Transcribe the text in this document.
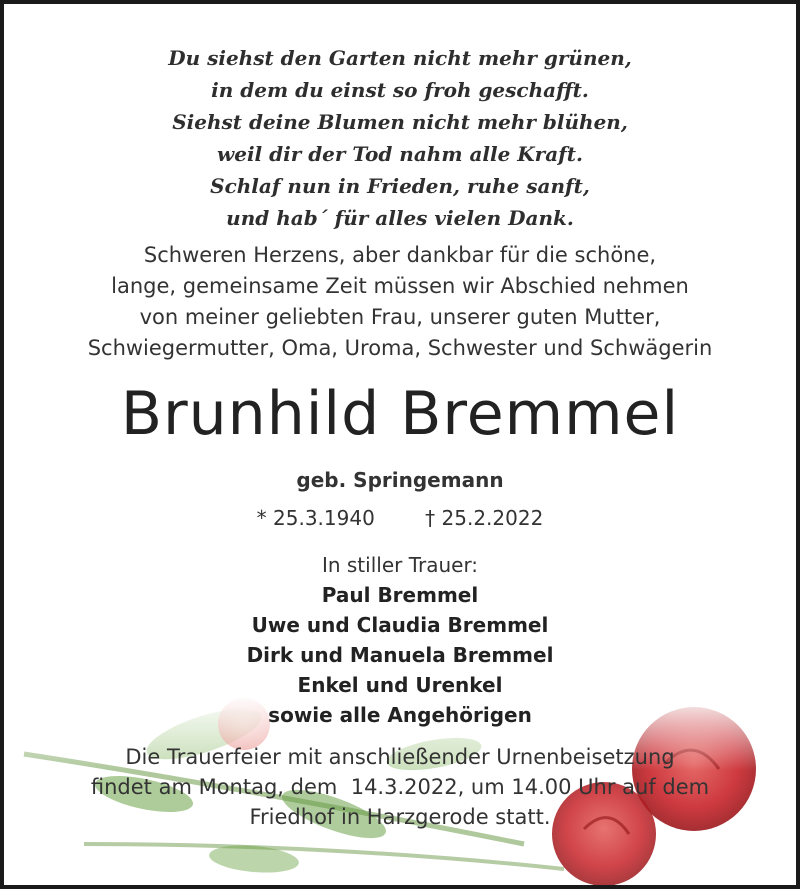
Du siehst den Garten nicht mehr grünen,
in dem du einst so froh geschafft.
Siehst deine Blumen nicht mehr blühen,
weil dir der Tod nahm alle Kraft.
Schlaf nun in Frieden, ruhe sanft,
und hab´ für alles vielen Dank.
Schweren Herzens, aber dankbar für die schöne,
lange, gemeinsame Zeit müssen wir Abschied nehmen
von meiner geliebten Frau, unserer guten Mutter,
Schwiegermutter, Oma, Uroma, Schwester und Schwägerin
Brunhild Bremmel
geb. Springemann
* 25.3.1940	† 25.2.2022
In stiller Trauer:
Paul Bremmel
Uwe und Claudia Bremmel
Dirk und Manuela Bremmel
Enkel und Urenkel
sowie alle Angehörigen
Die Trauerfeier mit anschließender Urnenbeisetzung
findet am Montag, dem  14.3.2022, um 14.00 Uhr auf dem
Friedhof in Harzgerode statt.
